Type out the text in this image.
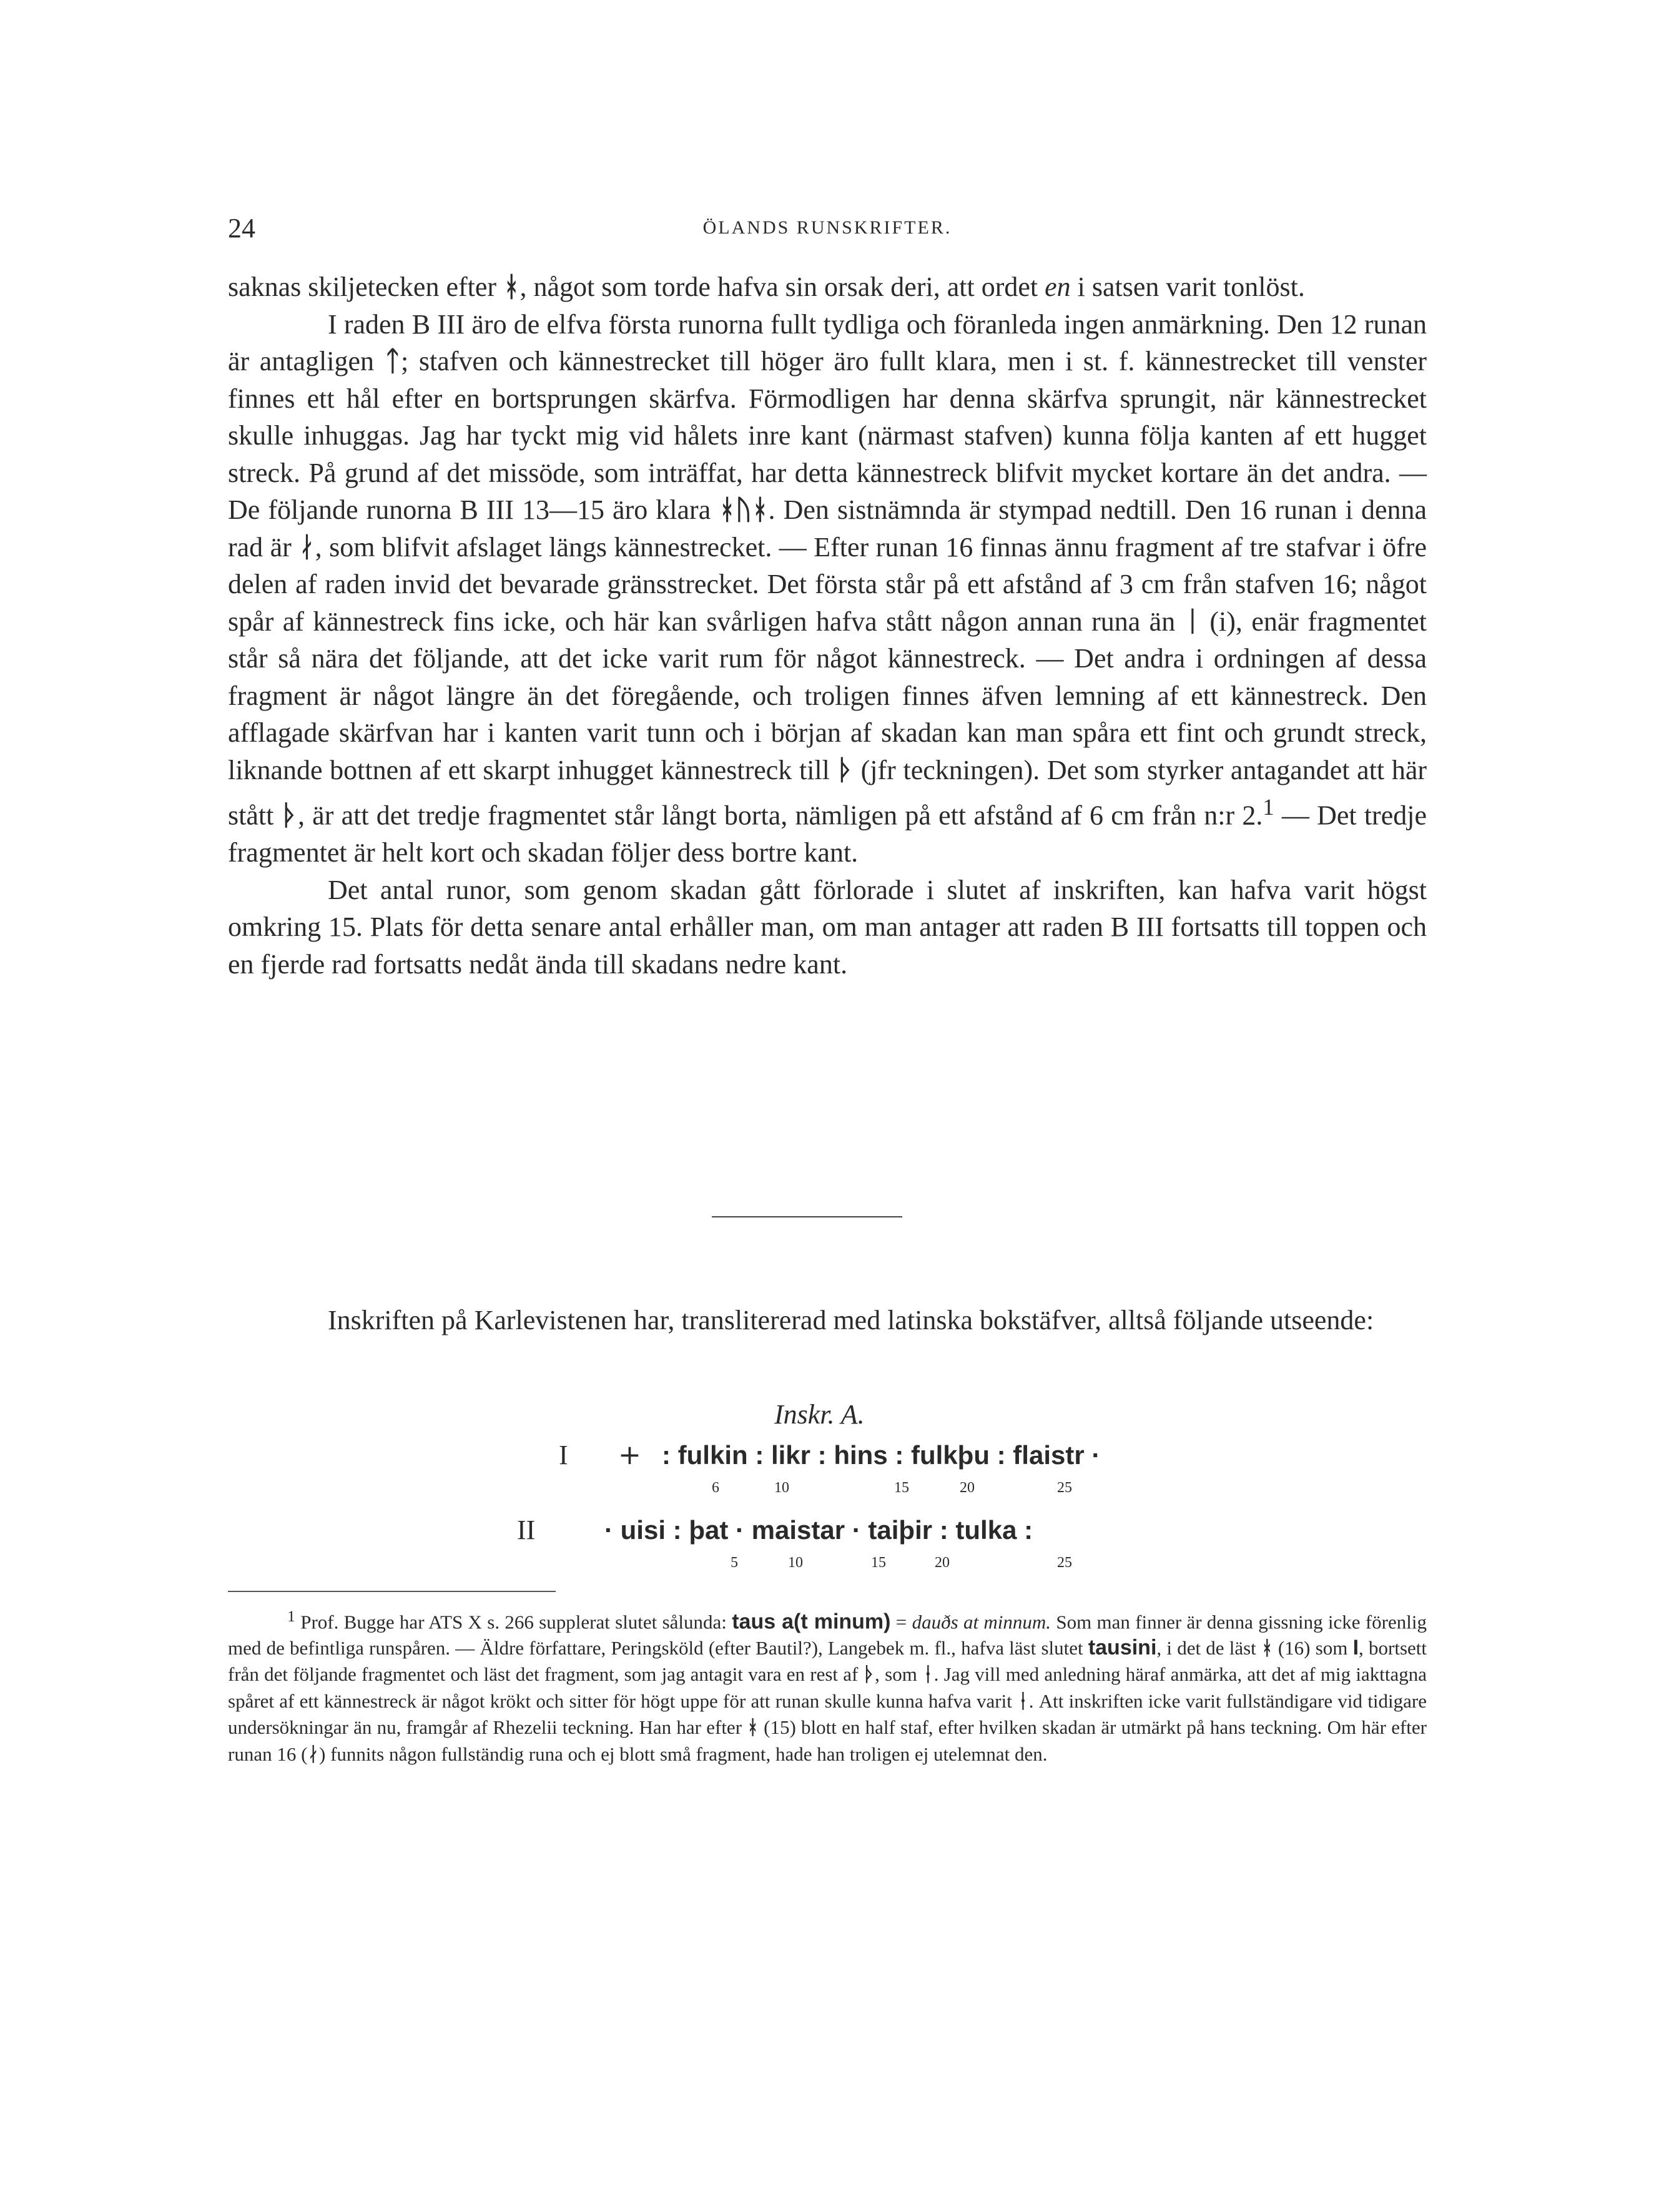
24	ÖLANDS RUNSKRIFTER.

saknas skiljetecken efter ᚼ, något som torde hafva sin orsak deri, att ordet en i satsen varit tonlöst.

I raden B III äro de elfva första runorna fullt tydliga och föranleda ingen anmärkning. Den 12 runan är antagligen ᛏ; stafven och kännestrecket till höger äro fullt klara, men i st. f. kännestrecket till venster finnes ett hål efter en bortsprungen skärfva. Förmodligen har denna skärfva sprungit, när kännestrecket skulle inhuggas. Jag har tyckt mig vid hålets inre kant (närmast stafven) kunna följa kanten af ett hugget streck. På grund af det missöde, som inträffat, har detta kännestreck blifvit mycket kortare än det andra. — De följande runorna B III 13—15 äro klara ᚼᚢᚼ. Den sistnämnda är stympad nedtill. Den 16 runan i denna rad är ᛅ, som blifvit afslaget längs kännestrecket. — Efter runan 16 finnas ännu fragment af tre stafvar i öfre delen af raden invid det bevarade gränsstrecket. Det första står på ett afstånd af 3 cm från stafven 16; något spår af kännestreck fins icke, och här kan svårligen hafva stått någon annan runa än ᛁ (i), enär fragmentet står så nära det följande, att det icke varit rum för något kännestreck. — Det andra i ordningen af dessa fragment är något längre än det föregående, och troligen finnes äfven lemning af ett kännestreck. Den afflagade skärfvan har i kanten varit tunn och i början af skadan kan man spåra ett fint och grundt streck, liknande bottnen af ett skarpt inhugget kännestreck till ᚦ (jfr teckningen). Det som styrker antagandet att här stått ᚦ, är att det tredje fragmentet står långt borta, nämligen på ett afstånd af 6 cm från n:r 2.$^1$ — Det tredje fragmentet är helt kort och skadan följer dess bortre kant.

Det antal runor, som genom skadan gått förlorade i slutet af inskriften, kan hafva varit högst omkring 15. Plats för detta senare antal erhåller man, om man antager att raden B III fortsatts till toppen och en fjerde rad fortsatts nedåt ända till skadans nedre kant.

Inskriften på Karlevistenen har, translitererad med latinska bokstäfver, alltså följande utseende:

Inskr. A.
I + : fulkin : likr : hins : fulkþu : flaistr ·
6	10	15	20	25
II	· uisi : þat · maistar · taiþir : tulka :
5	10	15	20	25

$^1$ Prof. Bugge har ATS X s. 266 supplerat slutet sålunda: taus a(t minum) = dauðs at minnum. Som man finner är denna gissning icke förenlig med de befintliga runspåren. — Äldre författare, Peringsköld (efter Bautil?), Langebek m. fl., hafva läst slutet tausini, i det de läst ᚼ (16) som I, bortsett från det följande fragmentet och läst det fragment, som jag antagit vara en rest af ᚦ, som ᚽ. Jag vill med anledning häraf anmärka, att det af mig iakttagna spåret af ett kännestreck är något krökt och sitter för högt uppe för att runan skulle kunna hafva varit ᚽ. Att inskriften icke varit fullständigare vid tidigare undersökningar än nu, framgår af Rhezelii teckning. Han har efter ᚼ (15) blott en half staf, efter hvilken skadan är utmärkt på hans teckning. Om här efter runan 16 (ᛅ) funnits någon fullständig runa och ej blott små fragment, hade han troligen ej utelemnat den.
